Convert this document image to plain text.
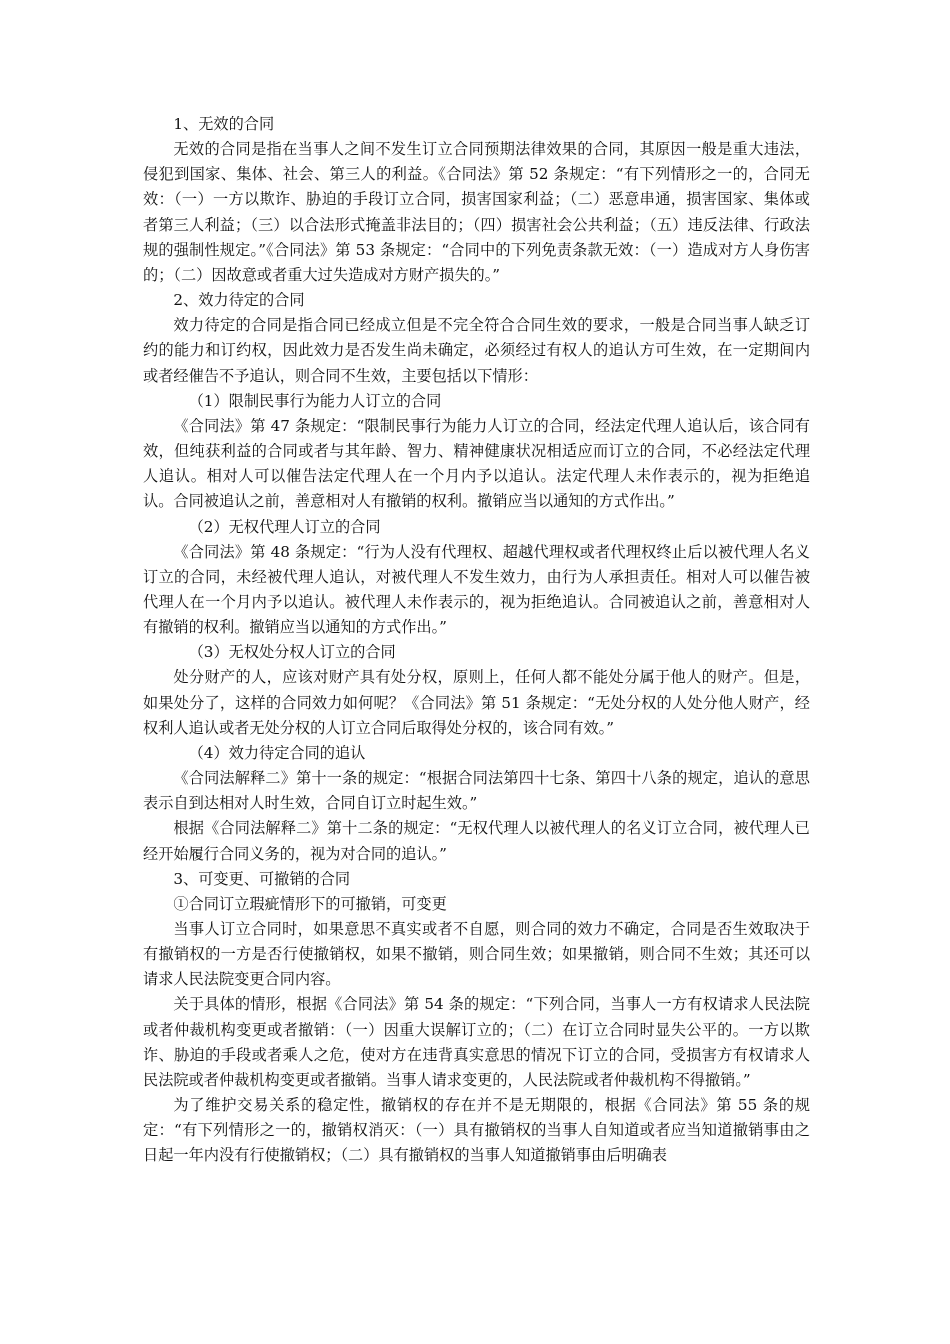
1、无效的合同

无效的合同是指在当事人之间不发生订立合同预期法律效果的合同，其原因一般是重大违法，侵犯到国家、集体、社会、第三人的利益。《合同法》第 52 条规定：“有下列情形之一的，合同无效：（一）一方以欺诈、胁迫的手段订立合同，损害国家利益；（二）恶意串通，损害国家、集体或者第三人利益；（三）以合法形式掩盖非法目的；（四）损害社会公共利益；（五）违反法律、行政法规的强制性规定。”《合同法》第 53 条规定：“合同中的下列免责条款无效：（一）造成对方人身伤害的；（二）因故意或者重大过失造成对方财产损失的。”

2、效力待定的合同

效力待定的合同是指合同已经成立但是不完全符合合同生效的要求，一般是合同当事人缺乏订约的能力和订约权，因此效力是否发生尚未确定，必须经过有权人的追认方可生效，在一定期间内或者经催告不予追认，则合同不生效，主要包括以下情形：

（1）限制民事行为能力人订立的合同

《合同法》第 47 条规定：“限制民事行为能力人订立的合同，经法定代理人追认后，该合同有效，但纯获利益的合同或者与其年龄、智力、精神健康状况相适应而订立的合同，不必经法定代理人追认。相对人可以催告法定代理人在一个月内予以追认。法定代理人未作表示的，视为拒绝追认。合同被追认之前，善意相对人有撤销的权利。撤销应当以通知的方式作出。”

（2）无权代理人订立的合同

《合同法》第 48 条规定：“行为人没有代理权、超越代理权或者代理权终止后以被代理人名义订立的合同，未经被代理人追认，对被代理人不发生效力，由行为人承担责任。相对人可以催告被代理人在一个月内予以追认。被代理人未作表示的，视为拒绝追认。合同被追认之前，善意相对人有撤销的权利。撤销应当以通知的方式作出。”

（3）无权处分权人订立的合同

处分财产的人，应该对财产具有处分权，原则上，任何人都不能处分属于他人的财产。但是，如果处分了，这样的合同效力如何呢？《合同法》第 51 条规定：“无处分权的人处分他人财产，经权利人追认或者无处分权的人订立合同后取得处分权的，该合同有效。”

（4）效力待定合同的追认

《合同法解释二》第十一条的规定：“根据合同法第四十七条、第四十八条的规定，追认的意思表示自到达相对人时生效，合同自订立时起生效。”

根据《合同法解释二》第十二条的规定：“无权代理人以被代理人的名义订立合同，被代理人已经开始履行合同义务的，视为对合同的追认。”

3、可变更、可撤销的合同

①合同订立瑕疵情形下的可撤销，可变更

当事人订立合同时，如果意思不真实或者不自愿，则合同的效力不确定，合同是否生效取决于有撤销权的一方是否行使撤销权，如果不撤销，则合同生效；如果撤销，则合同不生效；其还可以请求人民法院变更合同内容。

关于具体的情形，根据《合同法》第 54 条的规定：“下列合同，当事人一方有权请求人民法院或者仲裁机构变更或者撤销：（一）因重大误解订立的；（二）在订立合同时显失公平的。一方以欺诈、胁迫的手段或者乘人之危，使对方在违背真实意思的情况下订立的合同，受损害方有权请求人民法院或者仲裁机构变更或者撤销。当事人请求变更的，人民法院或者仲裁机构不得撤销。”

为了维护交易关系的稳定性，撤销权的存在并不是无期限的，根据《合同法》第 55 条的规定：“有下列情形之一的，撤销权消灭：（一）具有撤销权的当事人自知道或者应当知道撤销事由之日起一年内没有行使撤销权；（二）具有撤销权的当事人知道撤销事由后明确表
